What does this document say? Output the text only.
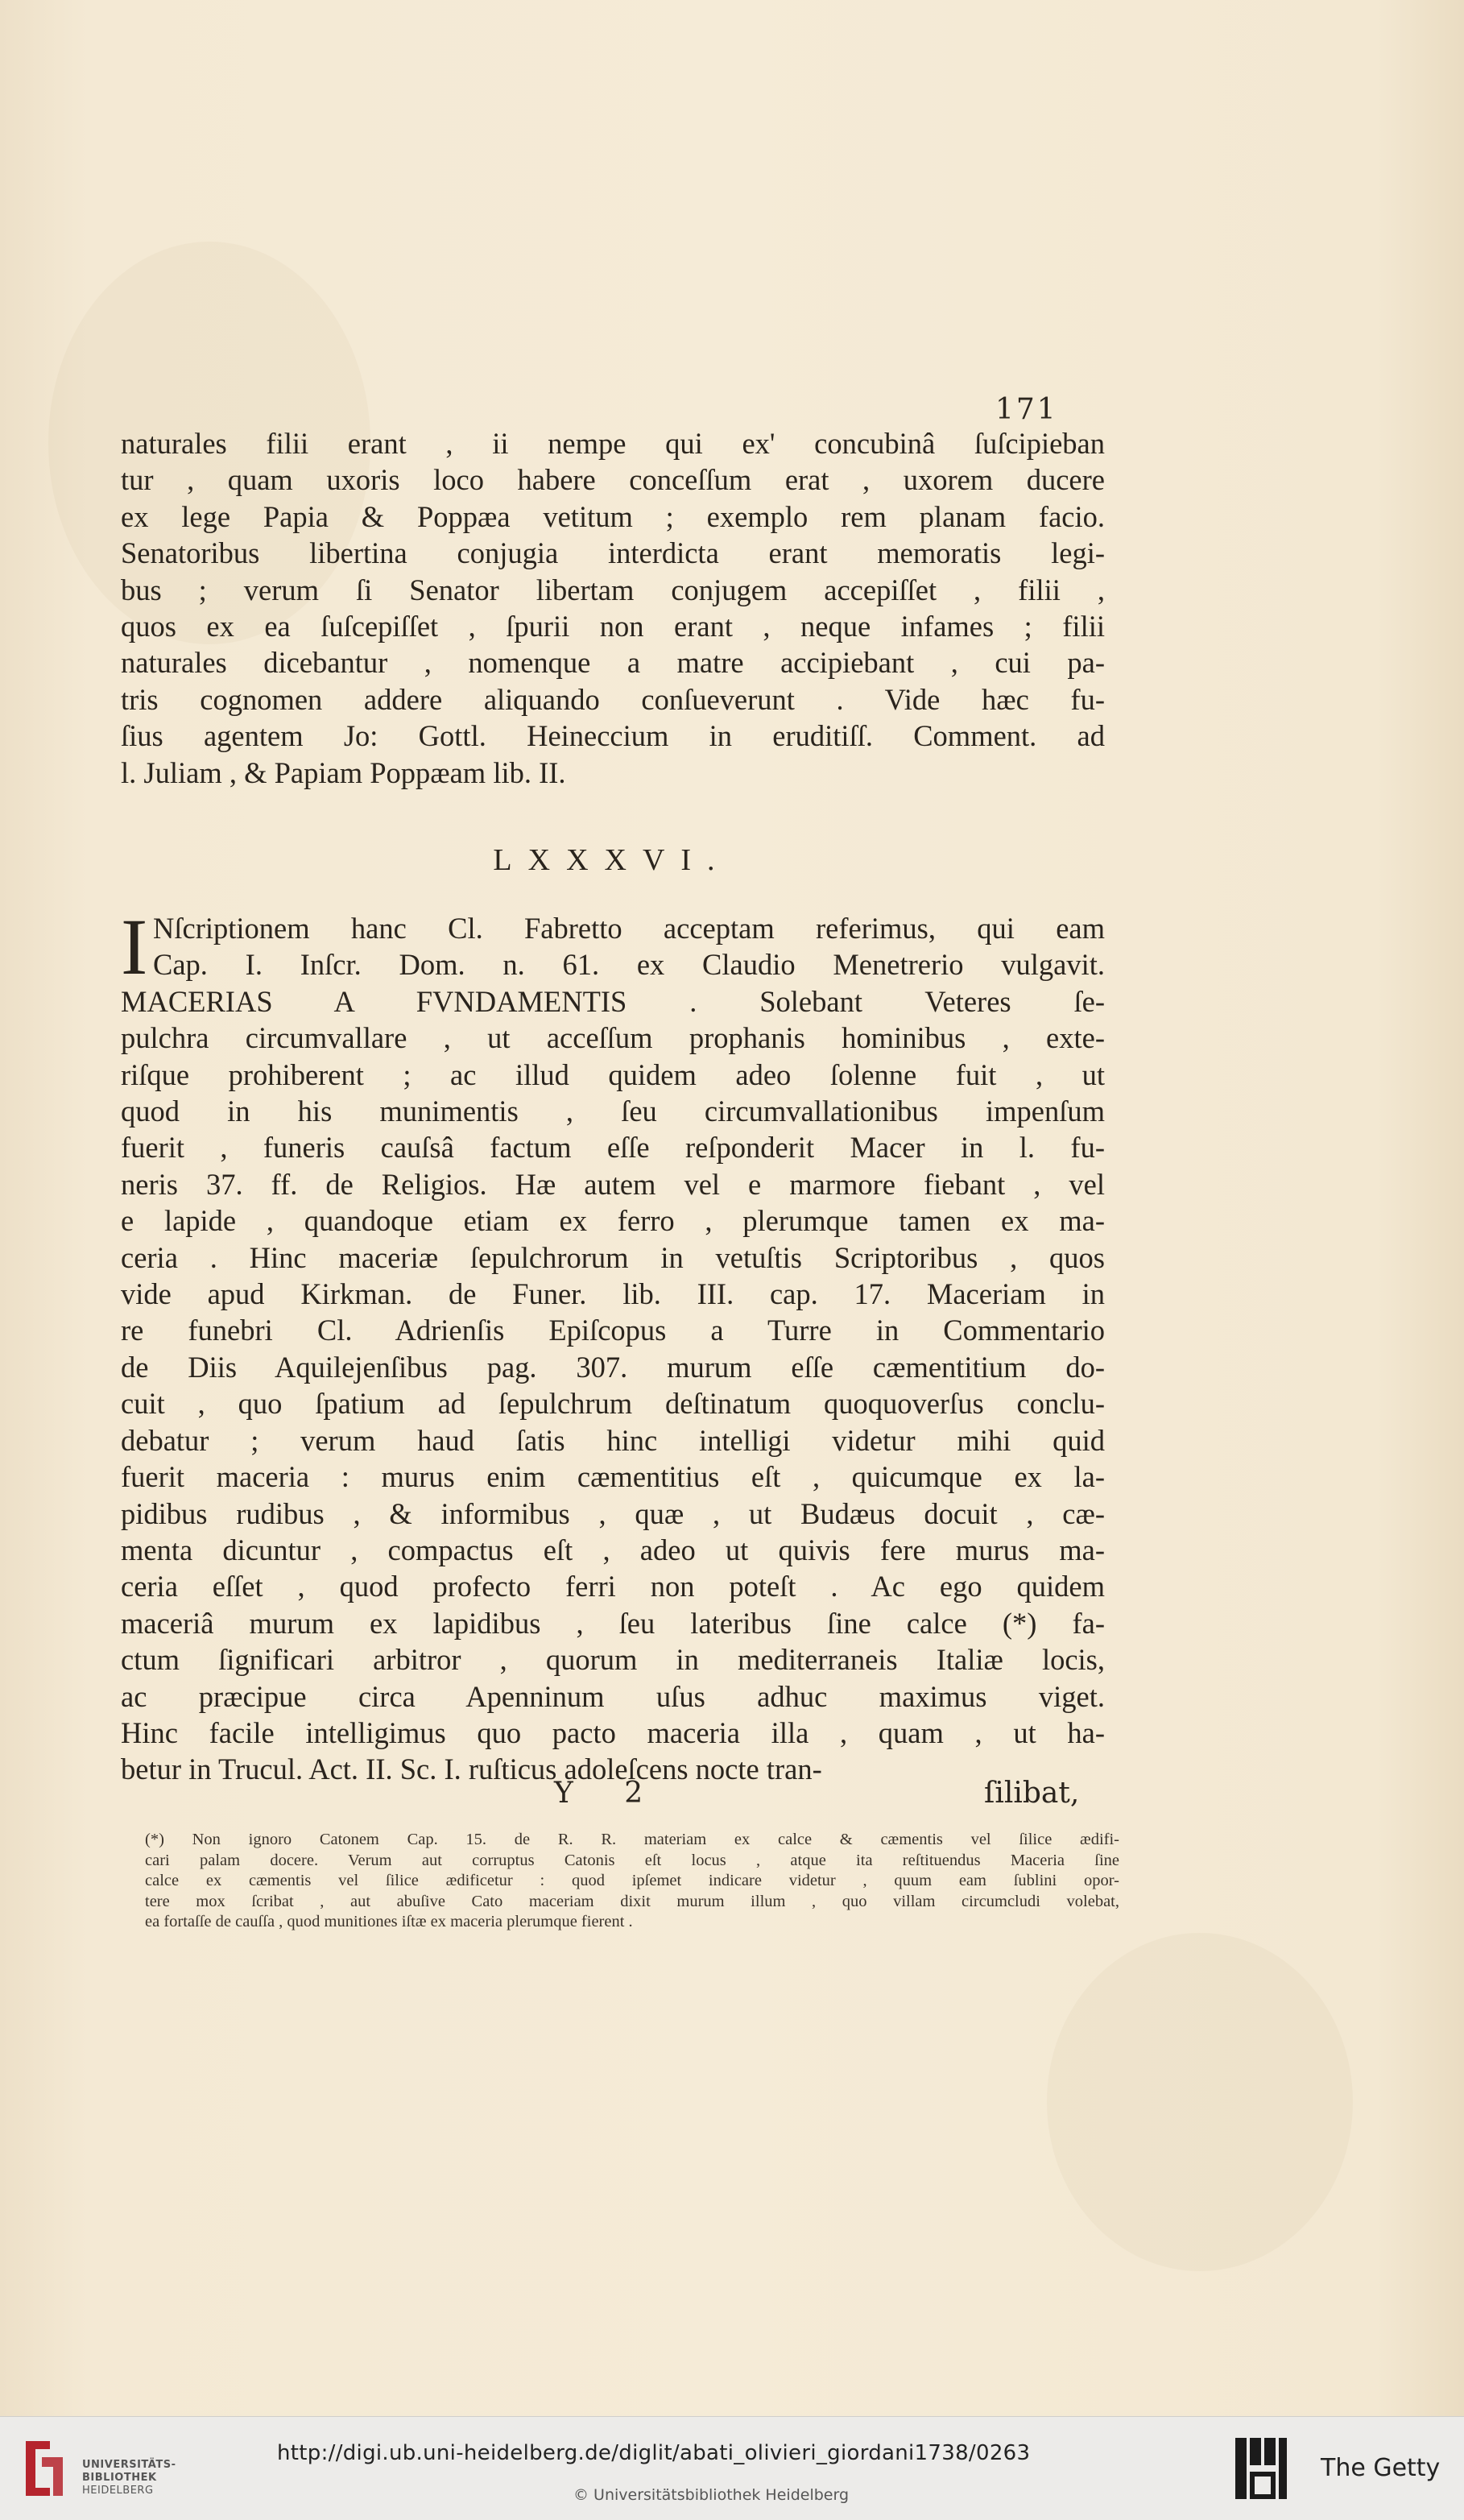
171
naturales filii erant , ii nempe qui ex' concubinâ ſuſcipieban
tur , quam uxoris loco habere conceſſum erat , uxorem ducere
ex lege Papia & Poppæa vetitum ; exemplo rem planam facio.
Senatoribus libertina conjugia interdicta erant memoratis legi-
bus ; verum ſi Senator libertam conjugem accepiſſet , filii ,
quos ex ea ſuſcepiſſet , ſpurii non erant , neque infames ; filii
naturales dicebantur , nomenque a matre accipiebant , cui pa-
tris cognomen addere aliquando conſueverunt . Vide hæc fu-
ſius agentem Jo: Gottl. Heineccium in eruditiſſ. Comment. ad
l. Juliam , & Papiam Poppæam lib. II.
LXXXVI.
I Nſcriptionem hanc Cl. Fabretto acceptam referimus, qui eam
Cap. I. Inſcr. Dom. n. 61. ex Claudio Menetrerio vulgavit.
MACERIAS A FVNDAMENTIS . Solebant Veteres ſe-
pulchra circumvallare , ut acceſſum prophanis hominibus , exte-
riſque prohiberent ; ac illud quidem adeo ſolenne fuit , ut
quod in his munimentis , ſeu circumvallationibus impenſum
fuerit , funeris cauſsâ factum eſſe reſponderit Macer in l. fu-
neris 37. ff. de Religios. Hæ autem vel e marmore fiebant , vel
e lapide , quandoque etiam ex ferro , plerumque tamen ex ma-
ceria . Hinc maceriæ ſepulchrorum in vetuſtis Scriptoribus , quos
vide apud Kirkman. de Funer. lib. III. cap. 17. Maceriam in
re funebri Cl. Adrienſis Epiſcopus a Turre in Commentario
de Diis Aquilejenſibus pag. 307. murum eſſe cæmentitium do-
cuit , quo ſpatium ad ſepulchrum deſtinatum quoquoverſus conclu-
debatur ; verum haud ſatis hinc intelligi videtur mihi quid
fuerit maceria : murus enim cæmentitius eſt , quicumque ex la-
pidibus rudibus , & informibus , quæ , ut Budæus docuit , cæ-
menta dicuntur , compactus eſt , adeo ut quivis fere murus ma-
ceria eſſet , quod profecto ferri non poteſt . Ac ego quidem
maceriâ murum ex lapidibus , ſeu lateribus ſine calce (*) fa-
ctum ſignificari arbitror , quorum in mediterraneis Italiæ locis,
ac præcipue circa Apenninum uſus adhuc maximus viget.
Hinc facile intelligimus quo pacto maceria illa , quam , ut ha-
betur in Trucul. Act. II. Sc. I. ruſticus adoleſcens nocte tran-
Y 2	ſilibat,
(*) Non ignoro Catonem Cap. 15. de R. R. materiam ex calce & cæmentis vel ſilice ædifi-
cari palam docere. Verum aut corruptus Catonis eſt locus , atque ita reſtituendus Maceria ſine
calce ex cæmentis vel ſilice ædificetur : quod ipſemet indicare videtur , quum eam ſublini opor-
tere mox ſcribat , aut abuſive Cato maceriam dixit murum illum , quo villam circumcludi volebat,
ea fortaſſe de cauſſa , quod munitiones iſtæ ex maceria plerumque fierent .
UNIVERSITÄTS-
BIBLIOTHEK
HEIDELBERG
http://digi.ub.uni-heidelberg.de/diglit/abati_olivieri_giordani1738/0263
© Universitätsbibliothek Heidelberg
The Getty
